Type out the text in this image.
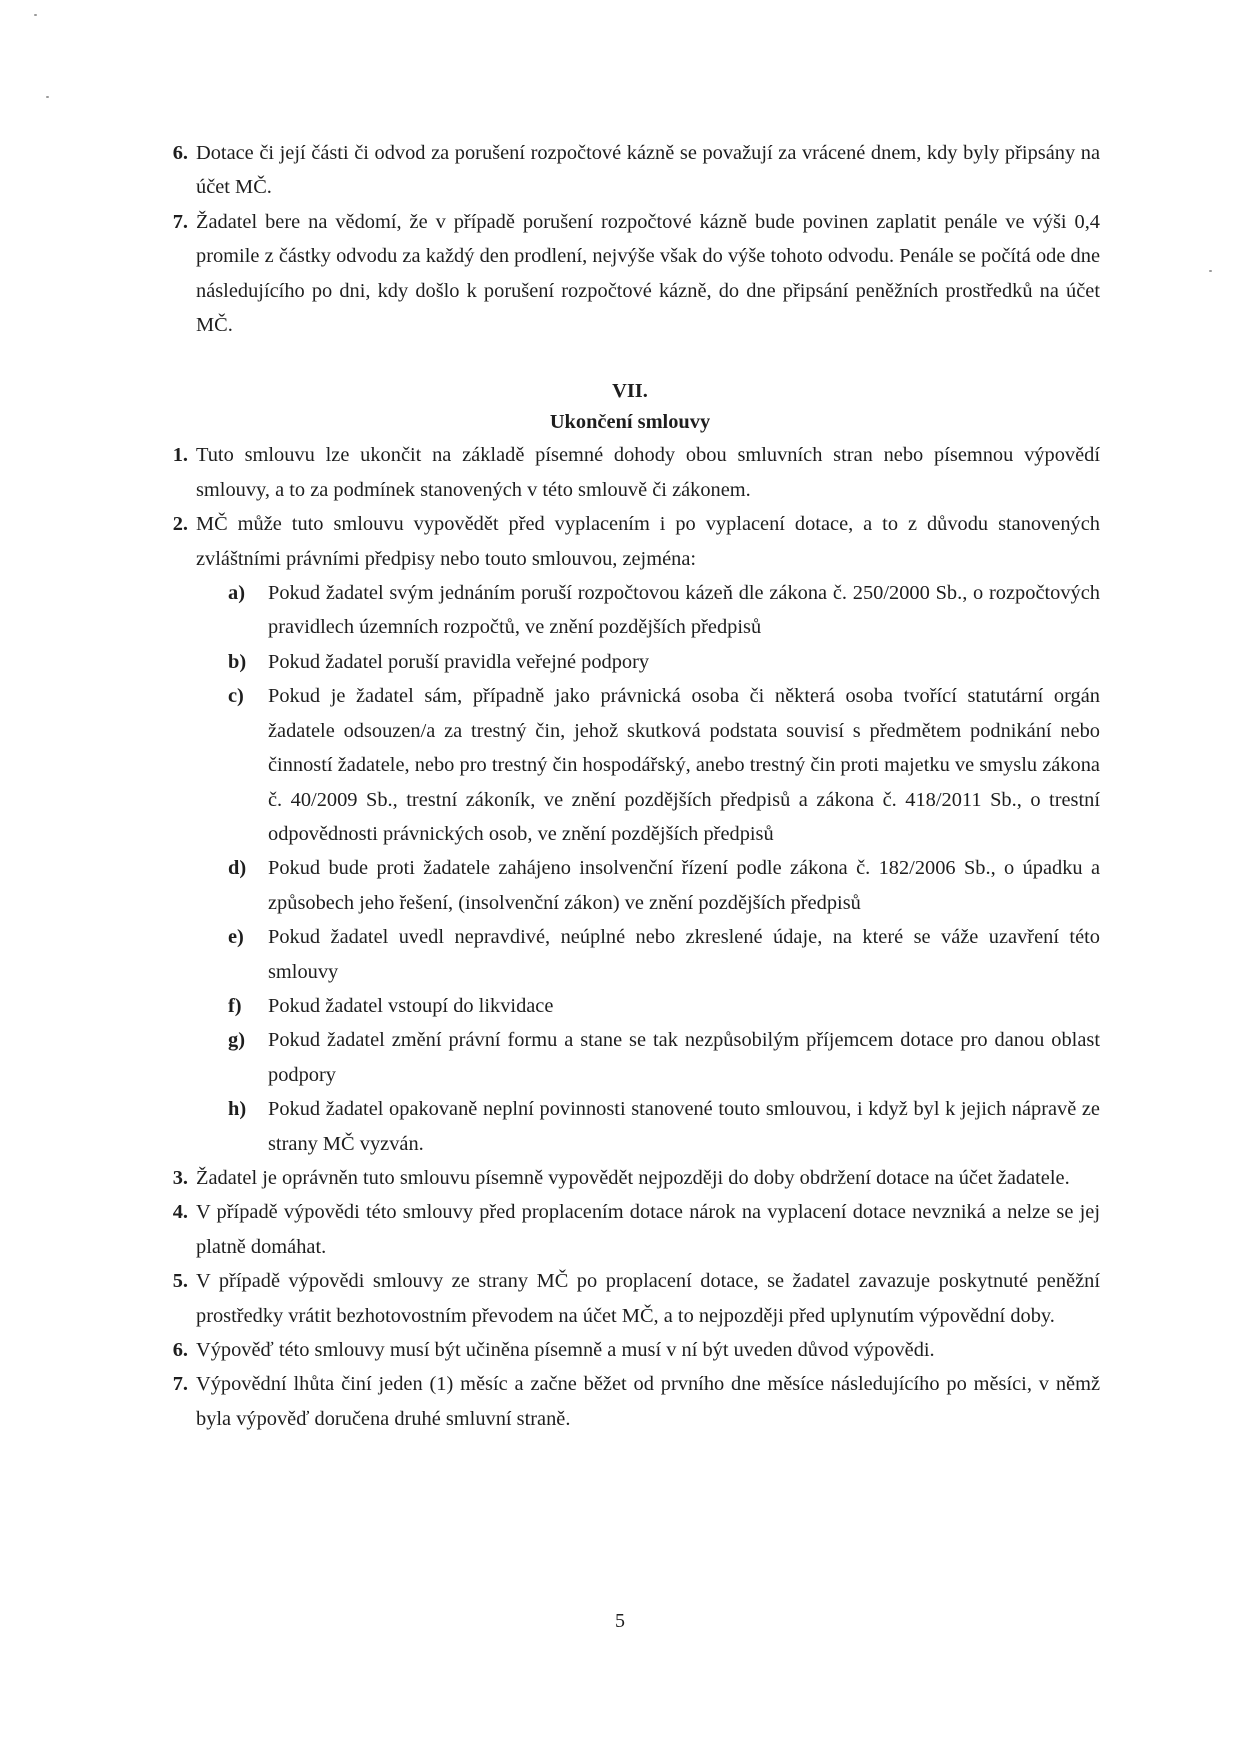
6. Dotace či její části či odvod za porušení rozpočtové kázně se považují za vrácené dnem, kdy byly připsány na účet MČ.

7. Žadatel bere na vědomí, že v případě porušení rozpočtové kázně bude povinen zaplatit penále ve výši 0,4 promile z částky odvodu za každý den prodlení, nejvýše však do výše tohoto odvodu. Penále se počítá ode dne následujícího po dni, kdy došlo k porušení rozpočtové kázně, do dne připsání peněžních prostředků na účet MČ.

VII.

Ukončení smlouvy

1. Tuto smlouvu lze ukončit na základě písemné dohody obou smluvních stran nebo písemnou výpovědí smlouvy, a to za podmínek stanovených v této smlouvě či zákonem.

2. MČ může tuto smlouvu vypovědět před vyplacením i po vyplacení dotace, a to z důvodu stanovených zvláštními právními předpisy nebo touto smlouvou, zejména:

a) Pokud žadatel svým jednáním poruší rozpočtovou kázeň dle zákona č. 250/2000 Sb., o rozpočtových pravidlech územních rozpočtů, ve znění pozdějších předpisů
b) Pokud žadatel poruší pravidla veřejné podpory
c) Pokud je žadatel sám, případně jako právnická osoba či některá osoba tvořící statutární orgán žadatele odsouzen/a za trestný čin, jehož skutková podstata souvisí s předmětem podnikání nebo činností žadatele, nebo pro trestný čin hospodářský, anebo trestný čin proti majetku ve smyslu zákona č. 40/2009 Sb., trestní zákoník, ve znění pozdějších předpisů a zákona č. 418/2011 Sb., o trestní odpovědnosti právnických osob, ve znění pozdějších předpisů
d) Pokud bude proti žadatele zahájeno insolvenční řízení podle zákona č. 182/2006 Sb., o úpadku a způsobech jeho řešení, (insolvenční zákon) ve znění pozdějších předpisů
e) Pokud žadatel uvedl nepravdivé, neúplné nebo zkreslené údaje, na které se váže uzavření této smlouvy
f) Pokud žadatel vstoupí do likvidace
g) Pokud žadatel změní právní formu a stane se tak nezpůsobilým příjemcem dotace pro danou oblast podpory
h) Pokud žadatel opakovaně neplní povinnosti stanovené touto smlouvou, i když byl k jejich nápravě ze strany MČ vyzván.

3. Žadatel je oprávněn tuto smlouvu písemně vypovědět nejpozději do doby obdržení dotace na účet žadatele.

4. V případě výpovědi této smlouvy před proplacením dotace nárok na vyplacení dotace nevzniká a nelze se jej platně domáhat.

5. V případě výpovědi smlouvy ze strany MČ po proplacení dotace, se žadatel zavazuje poskytnuté peněžní prostředky vrátit bezhotovostním převodem na účet MČ, a to nejpozději před uplynutím výpovědní doby.

6. Výpověď této smlouvy musí být učiněna písemně a musí v ní být uveden důvod výpovědi.

7. Výpovědní lhůta činí jeden (1) měsíc a začne běžet od prvního dne měsíce následujícího po měsíci, v němž byla výpověď doručena druhé smluvní straně.

5
